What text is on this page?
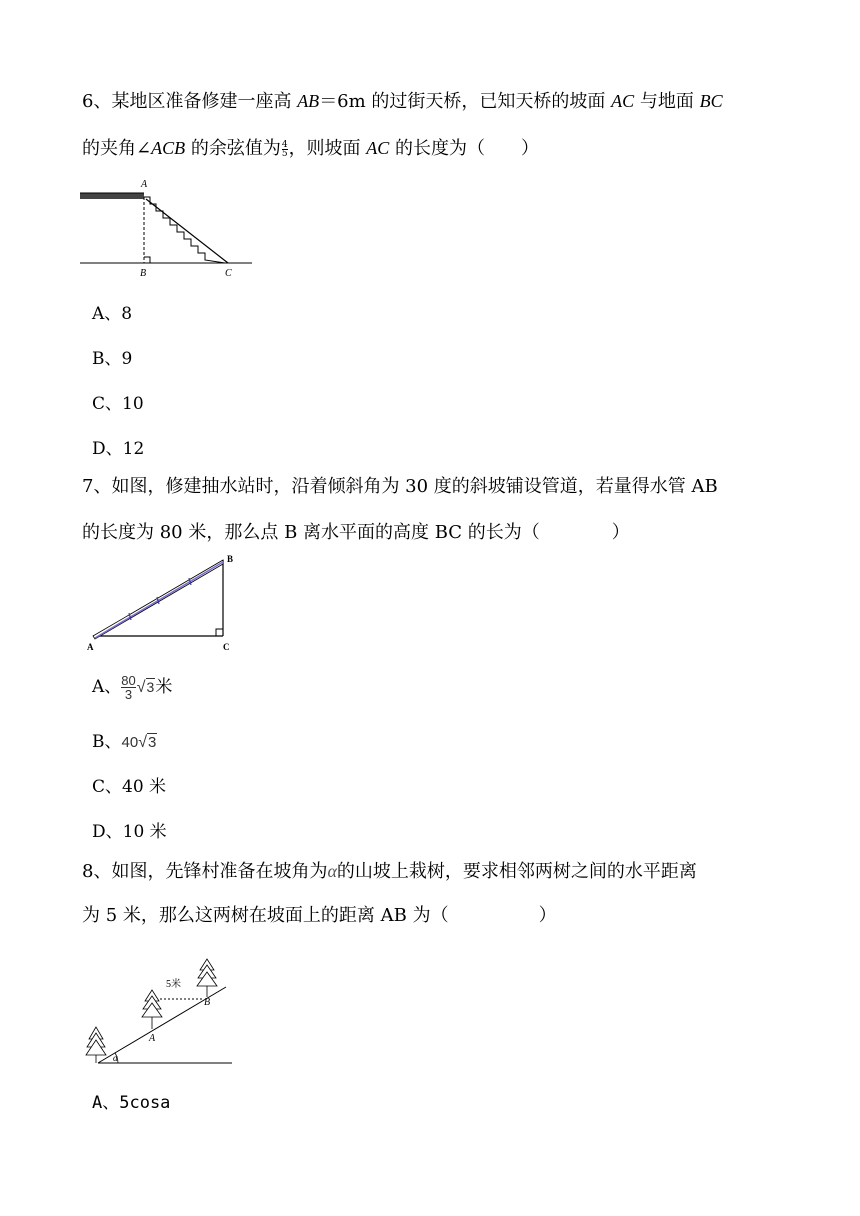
6、某地区准备修建一座高 AB＝6m 的过街天桥，已知天桥的坡面 AC 与地面 BC
的夹角∠ACB 的余弦值为 $\frac{4}{5}$ ，则坡面 AC 的长度为（　　）
A
B	C
A、8
B、9
C、10
D、12
7、如图，修建抽水站时，沿着倾斜角为 30 度的斜坡铺设管道，若量得水管 AB
的长度为 80 米，那么点 B 离水平面的高度 BC 的长为（　　　　）
A
B
C
A、 $\frac{80}{3} √3$米
B、40√3
C、40 米
D、10 米
8、如图，先锋村准备在坡角为α的山坡上栽树，要求相邻两树之间的水平距离
为 5 米，那么这两树在坡面上的距离 AB 为（　　　　　）
5米
A
B
α
A、5cosa
